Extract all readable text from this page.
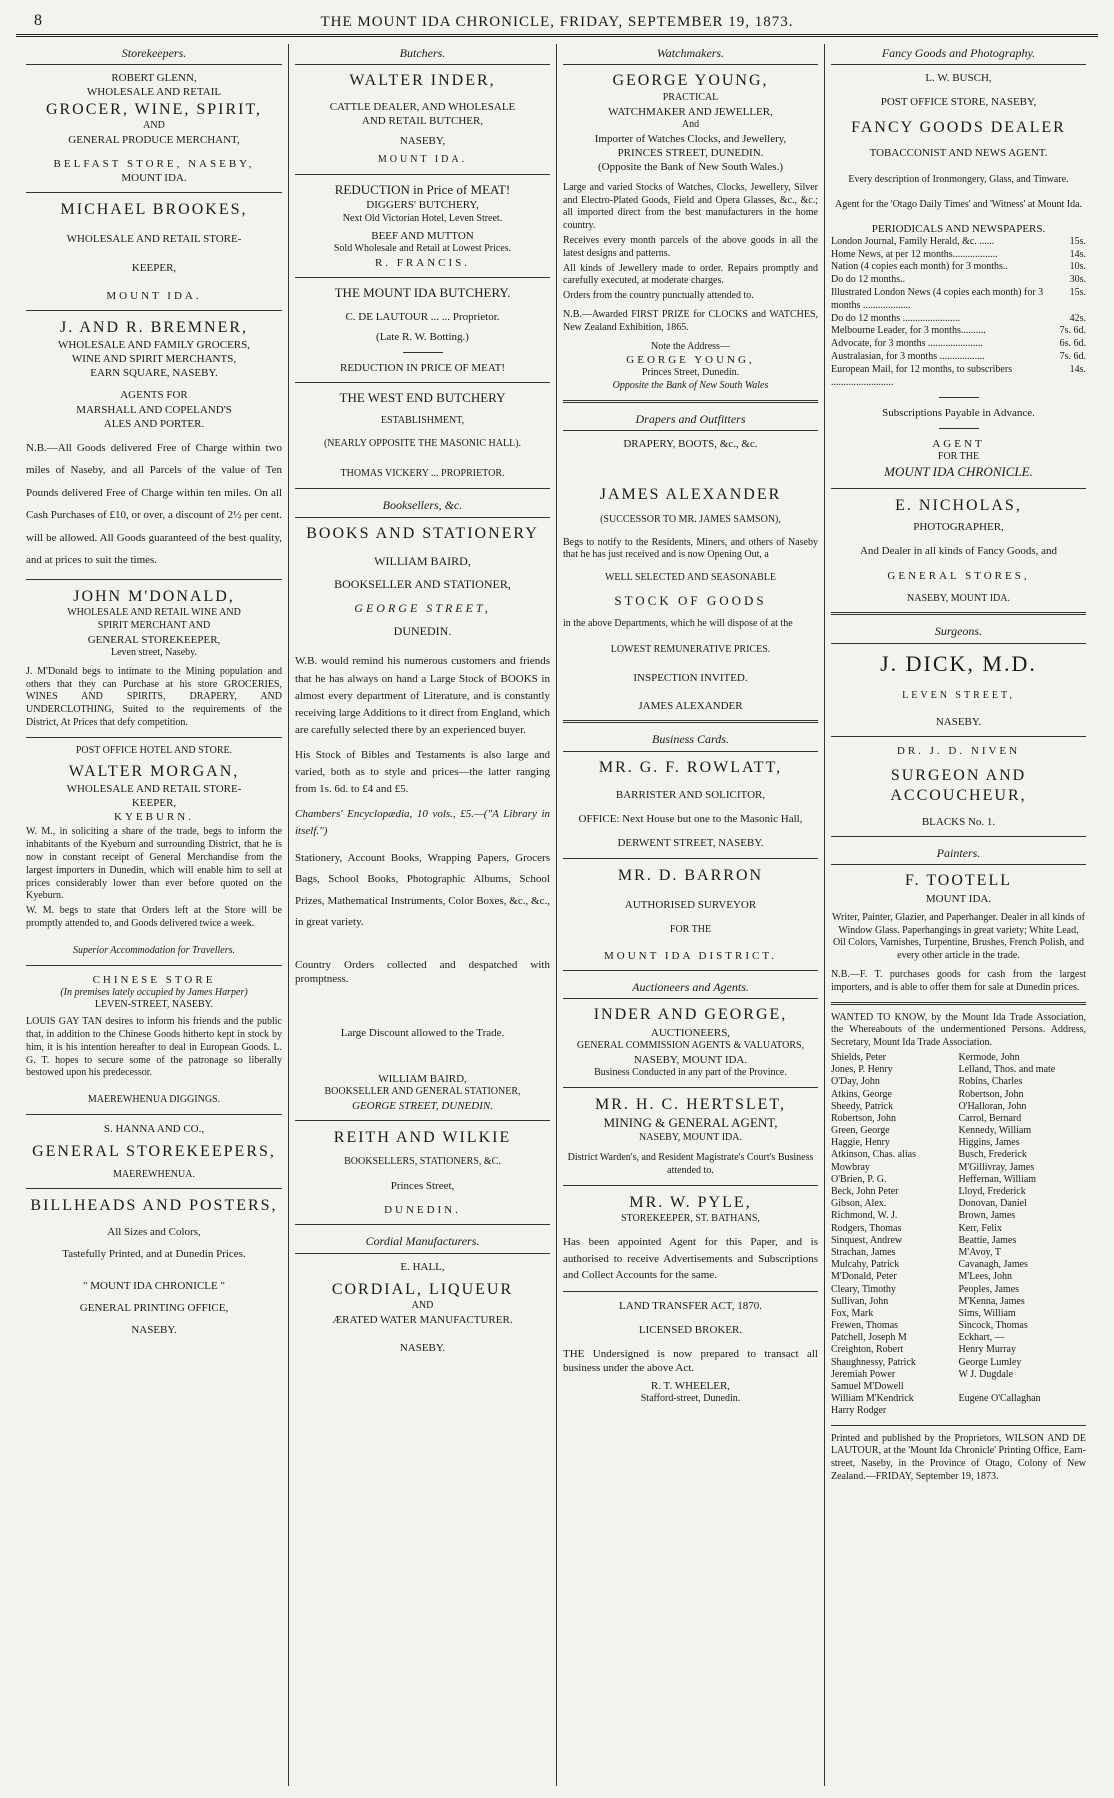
8	THE MOUNT IDA CHRONICLE, FRIDAY, SEPTEMBER 19, 1873.
Storekeepers.
ROBERT GLENN,
WHOLESALE AND RETAIL
GROCER, WINE, SPIRIT,
AND
GENERAL PRODUCE MERCHANT,
BELFAST STORE, NASEBY,
MOUNT IDA.
MICHAEL BROOKES,
WHOLESALE AND RETAIL STORE-
KEEPER,
MOUNT IDA.
J. AND R. BREMNER,
WHOLESALE AND FAMILY GROCERS,
WINE AND SPIRIT MERCHANTS,
EARN SQUARE, NASEBY.
AGENTS FOR
MARSHALL AND COPELAND'S
ALES AND PORTER.
N.B.—All Goods delivered Free of Charge within two miles of Naseby, and all Parcels of the value of Ten Pounds delivered Free of Charge within ten miles. On all Cash Purchases of £10, or over, a discount of 2½ per cent. will be allowed. All Goods guaranteed of the best quality, and at prices to suit the times.
JOHN M'DONALD,
WHOLESALE AND RETAIL WINE AND
SPIRIT MERCHANT AND
GENERAL STOREKEEPER,
Leven street, Naseby.
J. M'Donald begs to intimate to the Mining population and others that they can Purchase at his store GROCERIES, WINES AND SPIRITS, DRAPERY, AND UNDERCLOTHING, Suited to the requirements of the District, At Prices that defy competition.
POST OFFICE HOTEL AND STORE.
WALTER MORGAN,
WHOLESALE AND RETAIL STORE-
KEEPER,
KYEBURN.
W. M., in soliciting a share of the trade, begs to inform the inhabitants of the Kyeburn and surrounding District, that he is now in constant receipt of General Merchandise from the largest importers in Dunedin, which will enable him to sell at prices considerably lower than ever before quoted on the Kyeburn.
W. M. begs to state that Orders left at the Store will be promptly attended to, and Goods delivered twice a week.
Superior Accommodation for Travellers.
CHINESE STORE
(In premises lately occupied by James Harper)
LEVEN-STREET, NASEBY.
LOUIS GAY TAN desires to inform his friends and the public that, in addition to the Chinese Goods hitherto kept in stock by him, it is his intention hereafter to deal in European Goods. L. G. T. hopes to secure some of the patronage so liberally bestowed upon his predecessor.
MAEREWHENUA DIGGINGS.
S. HANNA AND CO.,
GENERAL STOREKEEPERS,
MAEREWHENUA.
BILLHEADS AND POSTERS,
All Sizes and Colors,
Tastefully Printed, and at Dunedin Prices.
" MOUNT IDA CHRONICLE "
GENERAL PRINTING OFFICE,
NASEBY.
Butchers.
WALTER INDER,
CATTLE DEALER, AND WHOLESALE
AND RETAIL BUTCHER,
NASEBY,
MOUNT IDA.
REDUCTION in Price of MEAT!
DIGGERS' BUTCHERY,
Next Old Victorian Hotel, Leven Street.
BEEF AND MUTTON
Sold Wholesale and Retail at Lowest Prices.
R. FRANCIS.
THE MOUNT IDA BUTCHERY.
C. DE LAUTOUR ... ... Proprietor.
(Late R. W. Botting.)
REDUCTION IN PRICE OF MEAT!
THE WEST END BUTCHERY
ESTABLISHMENT,
(NEARLY OPPOSITE THE MASONIC HALL).
THOMAS VICKERY ... PROPRIETOR.
Booksellers, &c.
BOOKS AND STATIONERY
WILLIAM BAIRD,
BOOKSELLER AND STATIONER,
GEORGE STREET,
DUNEDIN.
W.B. would remind his numerous customers and friends that he has always on hand a Large Stock of BOOKS in almost every department of Literature, and is constantly receiving large Additions to it direct from England, which are carefully selected there by an experienced buyer.
His Stock of Bibles and Testaments is also large and varied, both as to style and prices—the latter ranging from 1s. 6d. to £4 and £5.
Chambers' Encyclopædia, 10 vols., £5.—("A Library in itself.")
Stationery, Account Books, Wrapping Papers, Grocers Bags, School Books, Photographic Albums, School Prizes, Mathematical Instruments, Color Boxes, &c., &c., in great variety.
Country Orders collected and despatched with promptness.
Large Discount allowed to the Trade.
WILLIAM BAIRD,
BOOKSELLER AND GENERAL STATIONER,
GEORGE STREET, DUNEDIN.
REITH AND WILKIE
BOOKSELLERS, STATIONERS, &C.
Princes Street,
DUNEDIN.
Cordial Manufacturers.
E. HALL,
CORDIAL, LIQUEUR
AND
ÆRATED WATER MANUFACTURER.
NASEBY.
Watchmakers.
GEORGE YOUNG,
PRACTICAL
WATCHMAKER AND JEWELLER,
And
Importer of Watches Clocks, and Jewellery,
PRINCES STREET, DUNEDIN.
(Opposite the Bank of New South Wales.)
Large and varied Stocks of Watches, Clocks, Jewellery, Silver and Electro-Plated Goods, Field and Opera Glasses, &c., &c.; all imported direct from the best manufacturers in the home country.
Receives every month parcels of the above goods in all the latest designs and patterns.
All kinds of Jewellery made to order. Repairs promptly and carefully executed, at moderate charges.
Orders from the country punctually attended to.
N.B.—Awarded FIRST PRIZE for CLOCKS and WATCHES, New Zealand Exhibition, 1865.
Note the Address—
GEORGE YOUNG,
Princes Street, Dunedin.
Opposite the Bank of New South Wales
Drapers and Outfitters
DRAPERY, BOOTS, &c., &c.
JAMES ALEXANDER
(SUCCESSOR TO MR. JAMES SAMSON),
Begs to notify to the Residents, Miners, and others of Naseby that he has just received and is now Opening Out, a
WELL SELECTED AND SEASONABLE
STOCK OF GOODS
in the above Departments, which he will dispose of at the
LOWEST REMUNERATIVE PRICES.
INSPECTION INVITED.
JAMES ALEXANDER
Business Cards.
MR. G. F. ROWLATT,
BARRISTER AND SOLICITOR,
OFFICE: Next House but one to the Masonic Hall,
DERWENT STREET, NASEBY.
MR. D. BARRON
AUTHORISED SURVEYOR
FOR THE
MOUNT IDA DISTRICT.
Auctioneers and Agents.
INDER AND GEORGE,
AUCTIONEERS,
GENERAL COMMISSION AGENTS & VALUATORS,
NASEBY, MOUNT IDA.
Business Conducted in any part of the Province.
MR. H. C. HERTSLET,
MINING & GENERAL AGENT,
NASEBY, MOUNT IDA.
District Warden's, and Resident Magistrate's Court's Business attended to.
MR. W. PYLE,
STOREKEEPER, ST. BATHANS,
Has been appointed Agent for this Paper, and is authorised to receive Advertisements and Subscriptions and Collect Accounts for the same.
LAND TRANSFER ACT, 1870.
LICENSED BROKER.
THE Undersigned is now prepared to transact all business under the above Act.
R. T. WHEELER,
Stafford-street, Dunedin.
Fancy Goods and Photography.
L. W. BUSCH,
POST OFFICE STORE, NASEBY,
FANCY GOODS DEALER
TOBACCONIST AND NEWS AGENT.
Every description of Ironmongery, Glass, and Tinware.
Agent for the 'Otago Daily Times' and 'Witness' at Mount Ida.
PERIODICALS AND NEWSPAPERS.
London Journal, Family Herald, &c. ......	15s.
Home News, at per 12 months..................	14s.
Nation (4 copies each month) for 3 months..	10s.
Do do 12 months..	30s.
Illustrated London News (4 copies each month) for 3 months ...................
15s.
Do do 12 months .......................	42s.
Melbourne Leader, for 3 months..........	7s. 6d.
Advocate, for 3 months ......................	6s. 6d.
Australasian, for 3 months ..................	7s. 6d.
European Mail, for 12 months, to subscribers .........................
14s.
Subscriptions Payable in Advance.
AGENT
FOR THE
MOUNT IDA CHRONICLE.
E. NICHOLAS,
PHOTOGRAPHER,
And Dealer in all kinds of Fancy Goods, and
GENERAL STORES,
NASEBY, MOUNT IDA.
Surgeons.
J. DICK, M.D.
LEVEN STREET,
NASEBY.
DR. J. D. NIVEN
SURGEON AND ACCOUCHEUR,
BLACKS No. 1.
Painters.
F. TOOTELL
MOUNT IDA.
Writer, Painter, Glazier, and Paperhanger. Dealer in all kinds of Window Glass. Paperhangings in great variety; White Lead, Oil Colors, Varnishes, Turpentine, Brushes, French Polish, and every other article in the trade.
N.B.—F. T. purchases goods for cash from the largest importers, and is able to offer them for sale at Dunedin prices.
WANTED TO KNOW, by the Mount Ida Trade Association, the Whereabouts of the undermentioned Persons. Address, Secretary, Mount Ida Trade Association.
Shields, Peter
Jones, P. Henry
O'Day, John
Atkins, George
Sheedy, Patrick
Robertson, John
Green, George
Haggie, Henry
Atkinson, Chas. alias
Mowbray
O'Brien, P. G.
Beck, John Peter
Gibson, Alex.
Richmond, W. J.
Rodgers, Thomas
Sinquest, Andrew
Strachan, James
Mulcahy, Patrick
M'Donald, Peter
Cleary, Timothy
Sullivan, John
Fox, Mark
Frewen, Thomas
Patchell, Joseph M
Creighton, Robert
Shaughnessy, Patrick
Jeremiah Power
Samuel M'Dowell
William M'Kendrick
Harry Rodger
Kermode, John
Lelland, Thos. and mate
Robins, Charles
Robertson, John
O'Halloran, John
Carrol, Bernard
Kennedy, William
Higgins, James
Busch, Frederick
M'Gillivray, James
Heffernan, William
Lloyd, Frederick
Donovan, Daniel
Brown, James
Kerr, Felix
Beattie, James
M'Avoy, T
Cavanagh, James
M'Lees, John
Peoples, James
M'Kenna, James
Sims, William
Sincock, Thomas
Eckhart, —
Henry Murray
George Lumley
W J. Dugdale

Eugene O'Callaghan
Printed and published by the Proprietors, WILSON AND DE LAUTOUR, at the 'Mount Ida Chronicle' Printing Office, Earn-street, Naseby, in the Province of Otago, Colony of New Zealand.—FRIDAY, September 19, 1873.
